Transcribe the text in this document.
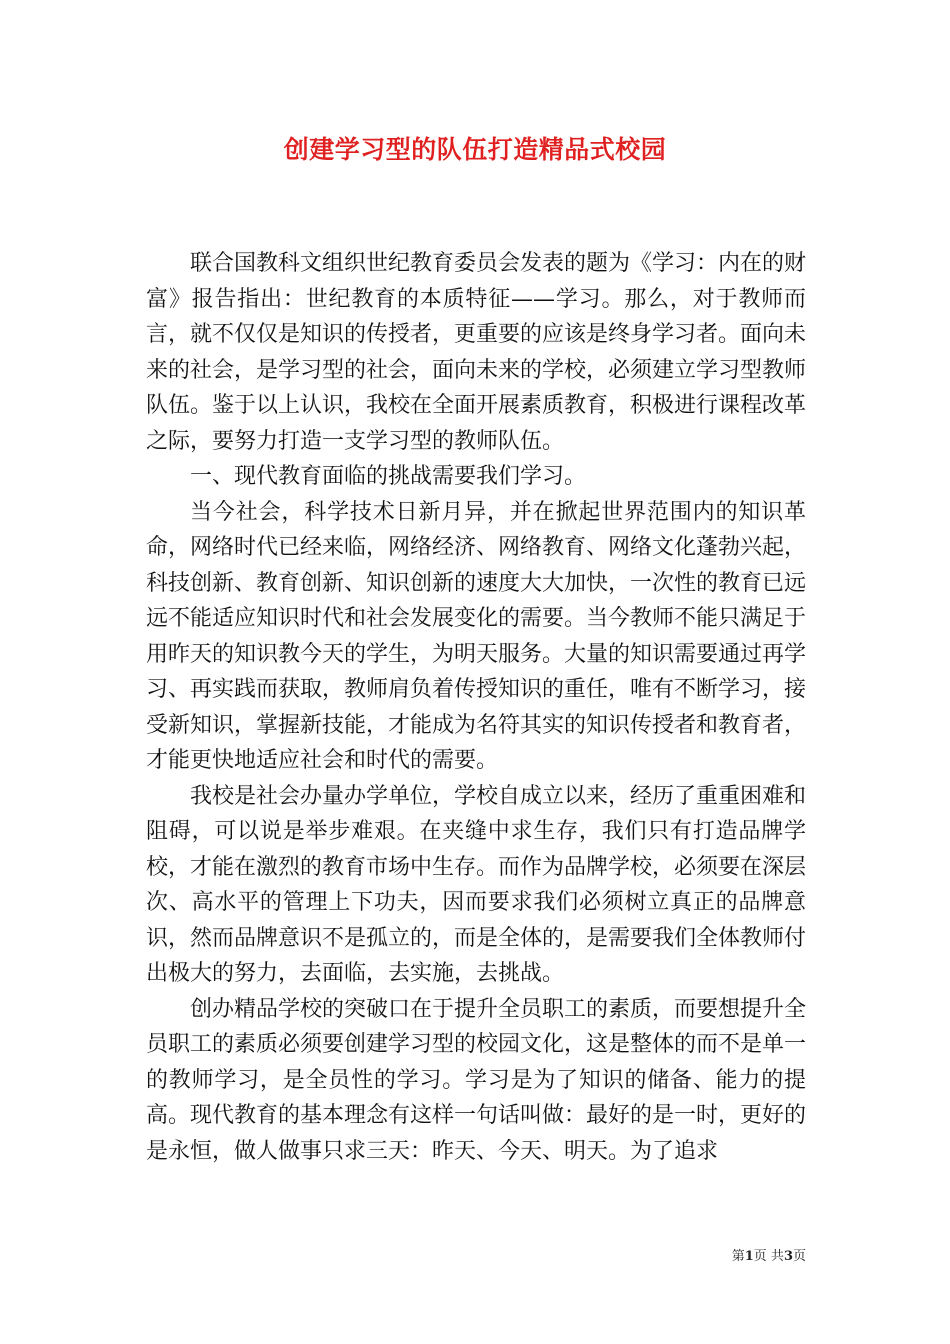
创建学习型的队伍打造精品式校园

联合国教科文组织世纪教育委员会发表的题为《学习：内在的财富》报告指出：世纪教育的本质特征——学习。那么，对于教师而言，就不仅仅是知识的传授者，更重要的应该是终身学习者。面向未来的社会，是学习型的社会，面向未来的学校，必须建立学习型教师队伍。鉴于以上认识，我校在全面开展素质教育，积极进行课程改革之际，要努力打造一支学习型的教师队伍。

一、现代教育面临的挑战需要我们学习。

当今社会，科学技术日新月异，并在掀起世界范围内的知识革命，网络时代已经来临，网络经济、网络教育、网络文化蓬勃兴起，科技创新、教育创新、知识创新的速度大大加快，一次性的教育已远远不能适应知识时代和社会发展变化的需要。当今教师不能只满足于用昨天的知识教今天的学生，为明天服务。大量的知识需要通过再学习、再实践而获取，教师肩负着传授知识的重任，唯有不断学习，接受新知识，掌握新技能，才能成为名符其实的知识传授者和教育者，才能更快地适应社会和时代的需要。

我校是社会办量办学单位，学校自成立以来，经历了重重困难和阻碍，可以说是举步难艰。在夹缝中求生存，我们只有打造品牌学校，才能在激烈的教育市场中生存。而作为品牌学校，必须要在深层次、高水平的管理上下功夫，因而要求我们必须树立真正的品牌意识，然而品牌意识不是孤立的，而是全体的，是需要我们全体教师付出极大的努力，去面临，去实施，去挑战。

创办精品学校的突破口在于提升全员职工的素质，而要想提升全员职工的素质必须要创建学习型的校园文化，这是整体的而不是单一的教师学习，是全员性的学习。学习是为了知识的储备、能力的提高。现代教育的基本理念有这样一句话叫做：最好的是一时，更好的是永恒，做人做事只求三天：昨天、今天、明天。为了追求

第1页 共3页
